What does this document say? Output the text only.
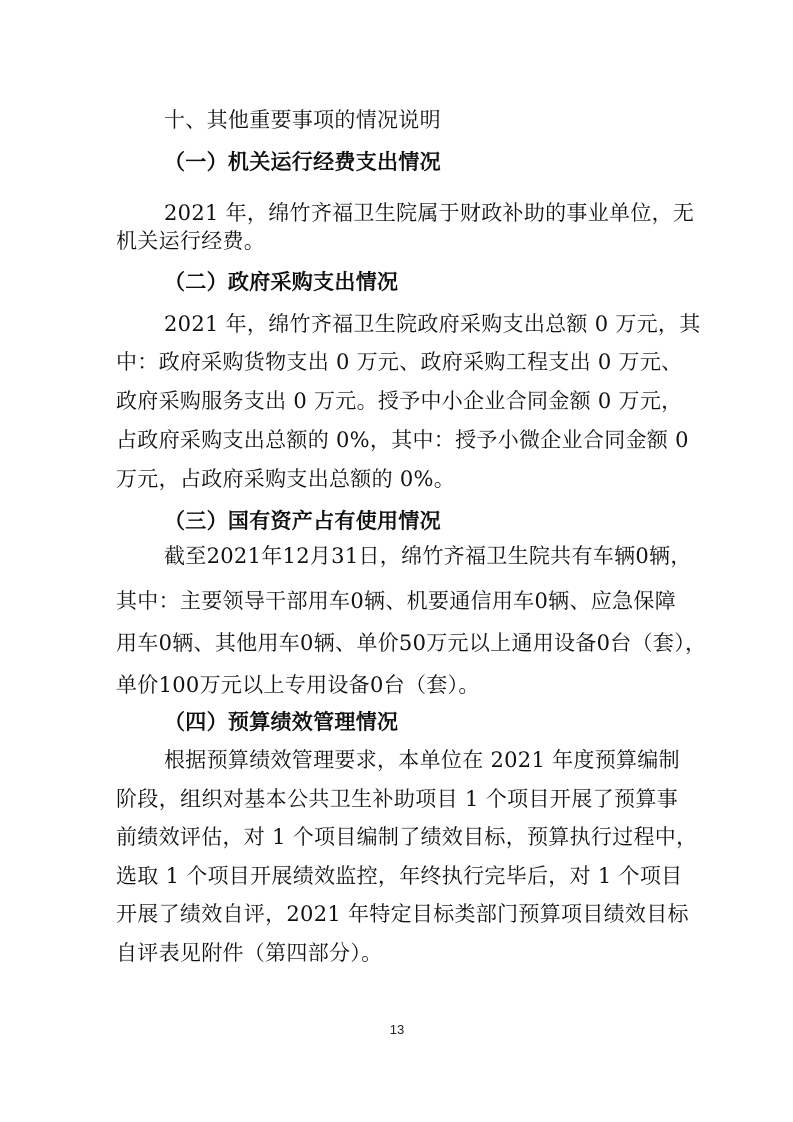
十、其他重要事项的情况说明
（一）机关运行经费支出情况
2021 年，绵竹齐福卫生院属于财政补助的事业单位，无
机关运行经费。
（二）政府采购支出情况
2021 年，绵竹齐福卫生院政府采购支出总额 0 万元，其
中：政府采购货物支出 0 万元、政府采购工程支出 0 万元、
政府采购服务支出 0 万元。授予中小企业合同金额 0 万元，
占政府采购支出总额的 0%，其中：授予小微企业合同金额 0
万元，占政府采购支出总额的 0%。
（三）国有资产占有使用情况
截至2021年12月31日，绵竹齐福卫生院共有车辆0辆，
其中：主要领导干部用车0辆、机要通信用车0辆、应急保障
用车0辆、其他用车0辆、单价50万元以上通用设备0台（套），
单价100万元以上专用设备0台（套）。
（四）预算绩效管理情况
根据预算绩效管理要求，本单位在 2021 年度预算编制
阶段，组织对基本公共卫生补助项目 1 个项目开展了预算事
前绩效评估，对 1 个项目编制了绩效目标，预算执行过程中，
选取 1 个项目开展绩效监控，年终执行完毕后，对 1 个项目
开展了绩效自评，2021 年特定目标类部门预算项目绩效目标
自评表见附件（第四部分）。
13
